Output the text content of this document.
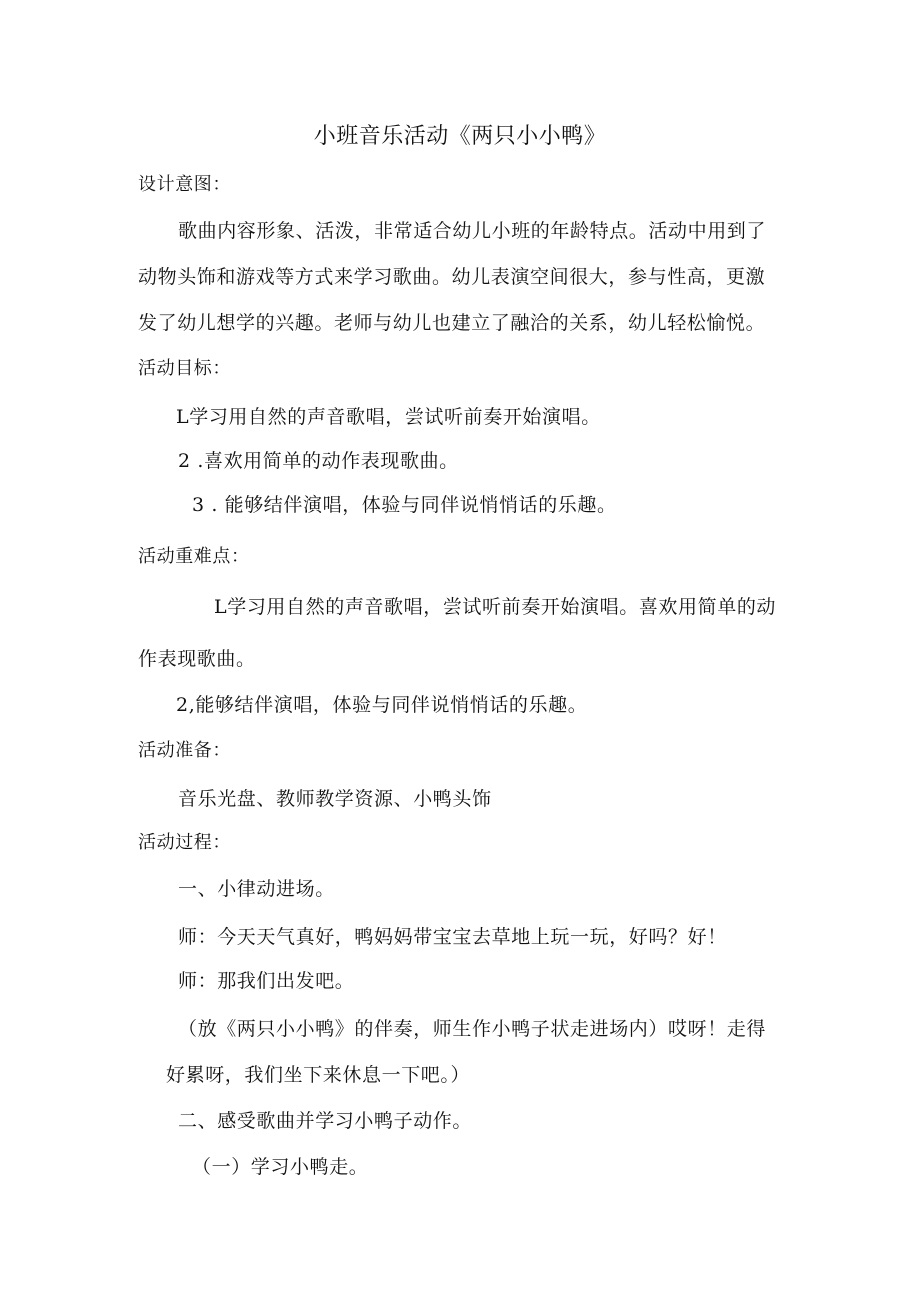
小班音乐活动《两只小小鸭》
设计意图：
歌曲内容形象、活泼，非常适合幼儿小班的年龄特点。活动中用到了
动物头饰和游戏等方式来学习歌曲。幼儿表演空间很大，参与性高，更激
发了幼儿想学的兴趣。老师与幼儿也建立了融洽的关系，幼儿轻松愉悦。
活动目标：
L学习用自然的声音歌唱，尝试听前奏开始演唱。
2 .喜欢用简单的动作表现歌曲。
3 . 能够结伴演唱，体验与同伴说悄悄话的乐趣。
活动重难点：
L学习用自然的声音歌唱，尝试听前奏开始演唱。喜欢用简单的动
作表现歌曲。
2,能够结伴演唱，体验与同伴说悄悄话的乐趣。
活动准备：
音乐光盘、教师教学资源、小鸭头饰
活动过程：
一、小律动进场。
师：今天天气真好，鸭妈妈带宝宝去草地上玩一玩，好吗？好！
师：那我们出发吧。
（放《两只小小鸭》的伴奏，师生作小鸭子状走进场内）哎呀！走得
好累呀，我们坐下来休息一下吧。）
二、感受歌曲并学习小鸭子动作。
（一）学习小鸭走。
